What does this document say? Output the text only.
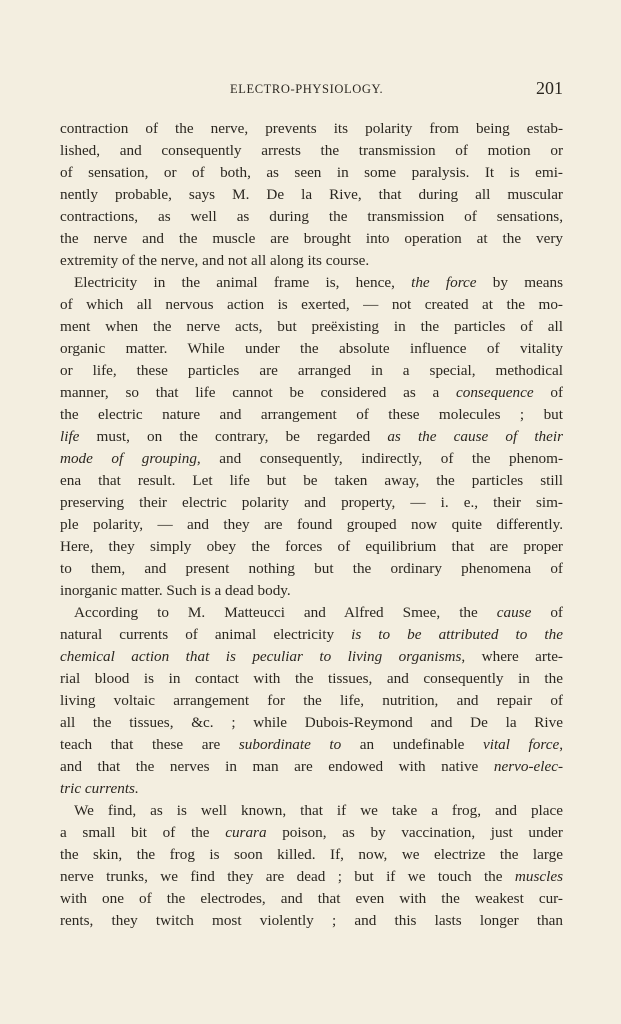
ELECTRO-PHYSIOLOGY.	201
contraction of the nerve, prevents its polarity from being estab-
lished, and consequently arrests the transmission of motion or
of sensation, or of both, as seen in some paralysis. It is emi-
nently probable, says M. De la Rive, that during all muscular
contractions, as well as during the transmission of sensations,
the nerve and the muscle are brought into operation at the very
extremity of the nerve, and not all along its course.
Electricity in the animal frame is, hence, the force by means
of which all nervous action is exerted, — not created at the mo-
ment when the nerve acts, but preëxisting in the particles of all
organic matter. While under the absolute influence of vitality
or life, these particles are arranged in a special, methodical
manner, so that life cannot be considered as a consequence of
the electric nature and arrangement of these molecules ; but
life must, on the contrary, be regarded as the cause of their
mode of grouping, and consequently, indirectly, of the phenom-
ena that result. Let life but be taken away, the particles still
preserving their electric polarity and property, — i. e., their sim-
ple polarity, — and they are found grouped now quite differently.
Here, they simply obey the forces of equilibrium that are proper
to them, and present nothing but the ordinary phenomena of
inorganic matter. Such is a dead body.
According to M. Matteucci and Alfred Smee, the cause of
natural currents of animal electricity is to be attributed to the
chemical action that is peculiar to living organisms, where arte-
rial blood is in contact with the tissues, and consequently in the
living voltaic arrangement for the life, nutrition, and repair of
all the tissues, &c. ; while Dubois-Reymond and De la Rive
teach that these are subordinate to an undefinable vital force,
and that the nerves in man are endowed with native nervo-elec-
tric currents.
We find, as is well known, that if we take a frog, and place
a small bit of the curara poison, as by vaccination, just under
the skin, the frog is soon killed. If, now, we electrize the large
nerve trunks, we find they are dead ; but if we touch the muscles
with one of the electrodes, and that even with the weakest cur-
rents, they twitch most violently ; and this lasts longer than
